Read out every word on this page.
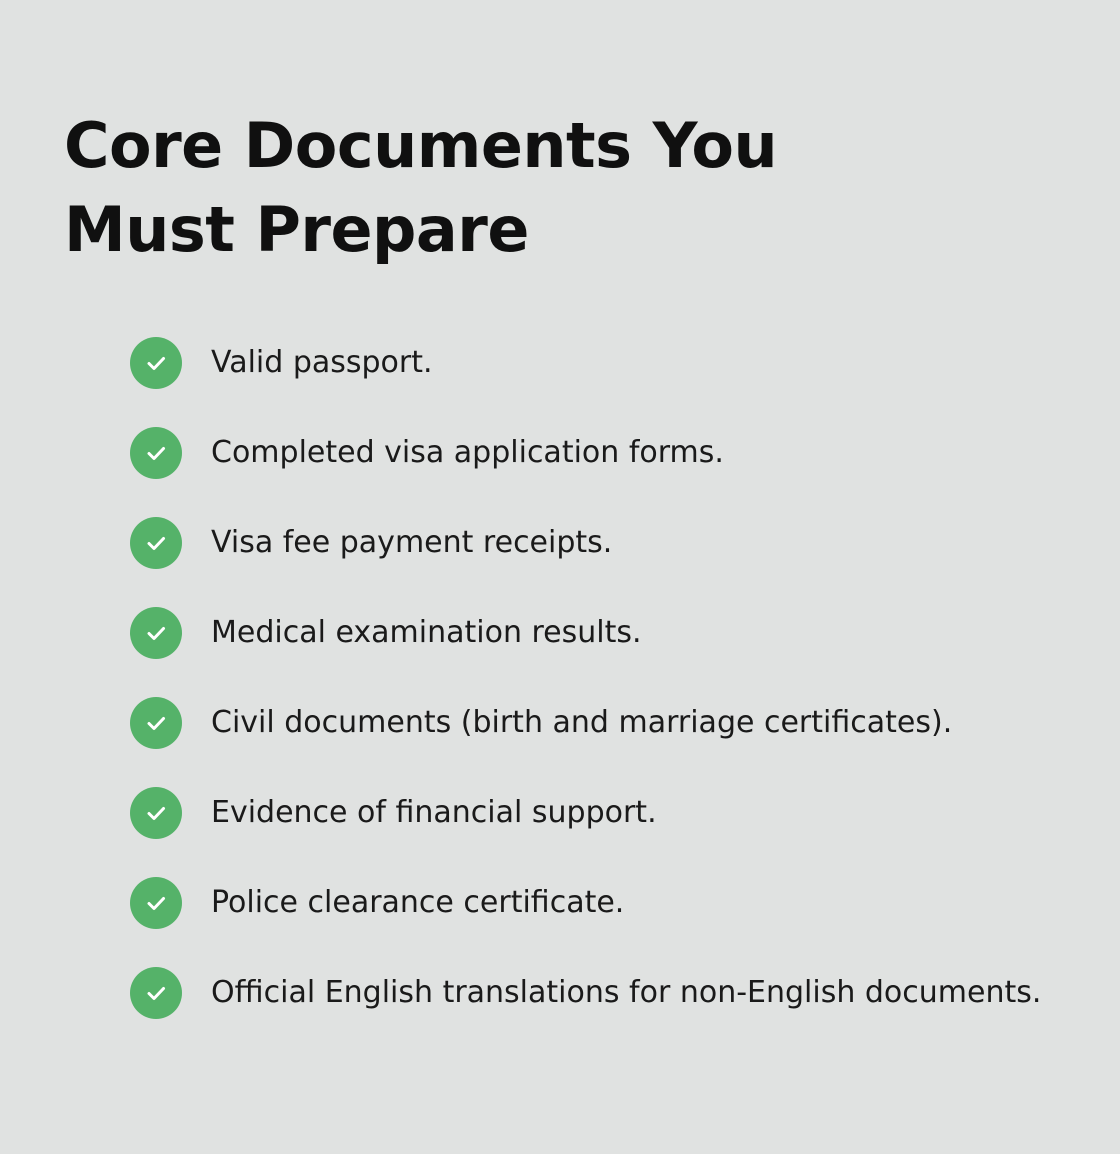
Core Documents You Must Prepare
Valid passport.
Completed visa application forms.
Visa fee payment receipts.
Medical examination results.
Civil documents (birth and marriage certificates).
Evidence of financial support.
Police clearance certificate.
Official English translations for non-English documents.
